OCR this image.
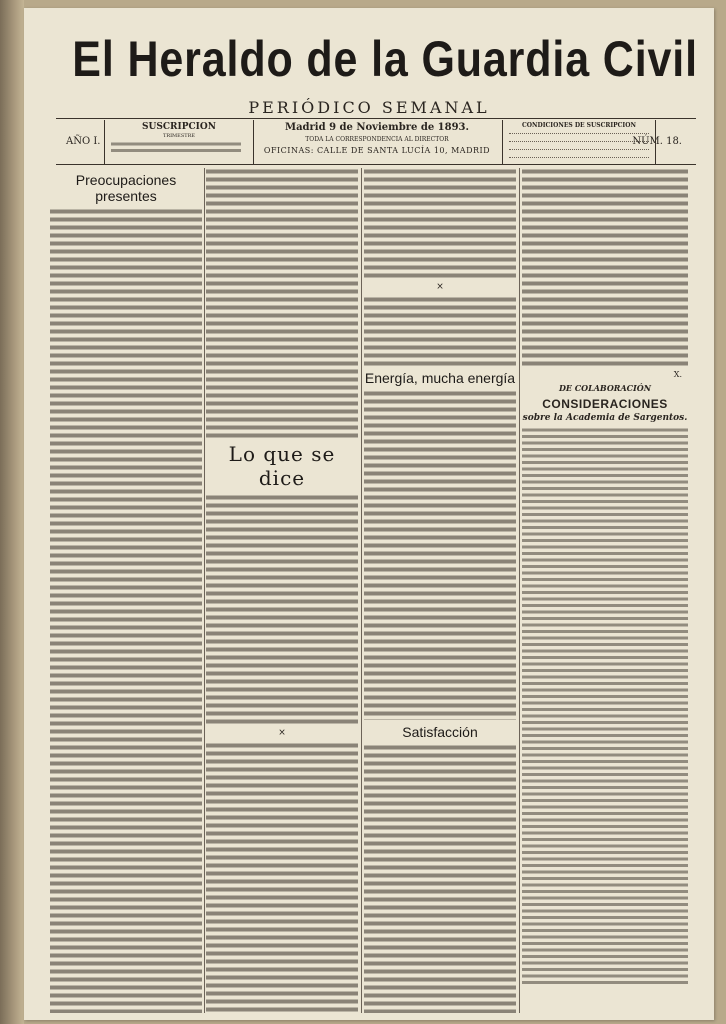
El Heraldo de la Guardia Civil
PERIÓDICO SEMANAL
AÑO I.
SUSCRIPCION
TRIMESTRE
Madrid 9 de Noviembre de 1893.
TODA LA CORRESPONDENCIA AL DIRECTOR
OFICINAS: CALLE DE SANTA LUCÍA 10, MADRID
CONDICIONES DE SUSCRIPCION
NÚM. 18.
Preocupaciones presentes
Lo que se dice
×
×
Energía, mucha energía
Satisfacción
X.
DE COLABORACIÓN
CONSIDERACIONES
sobre la Academia de Sargentos.
